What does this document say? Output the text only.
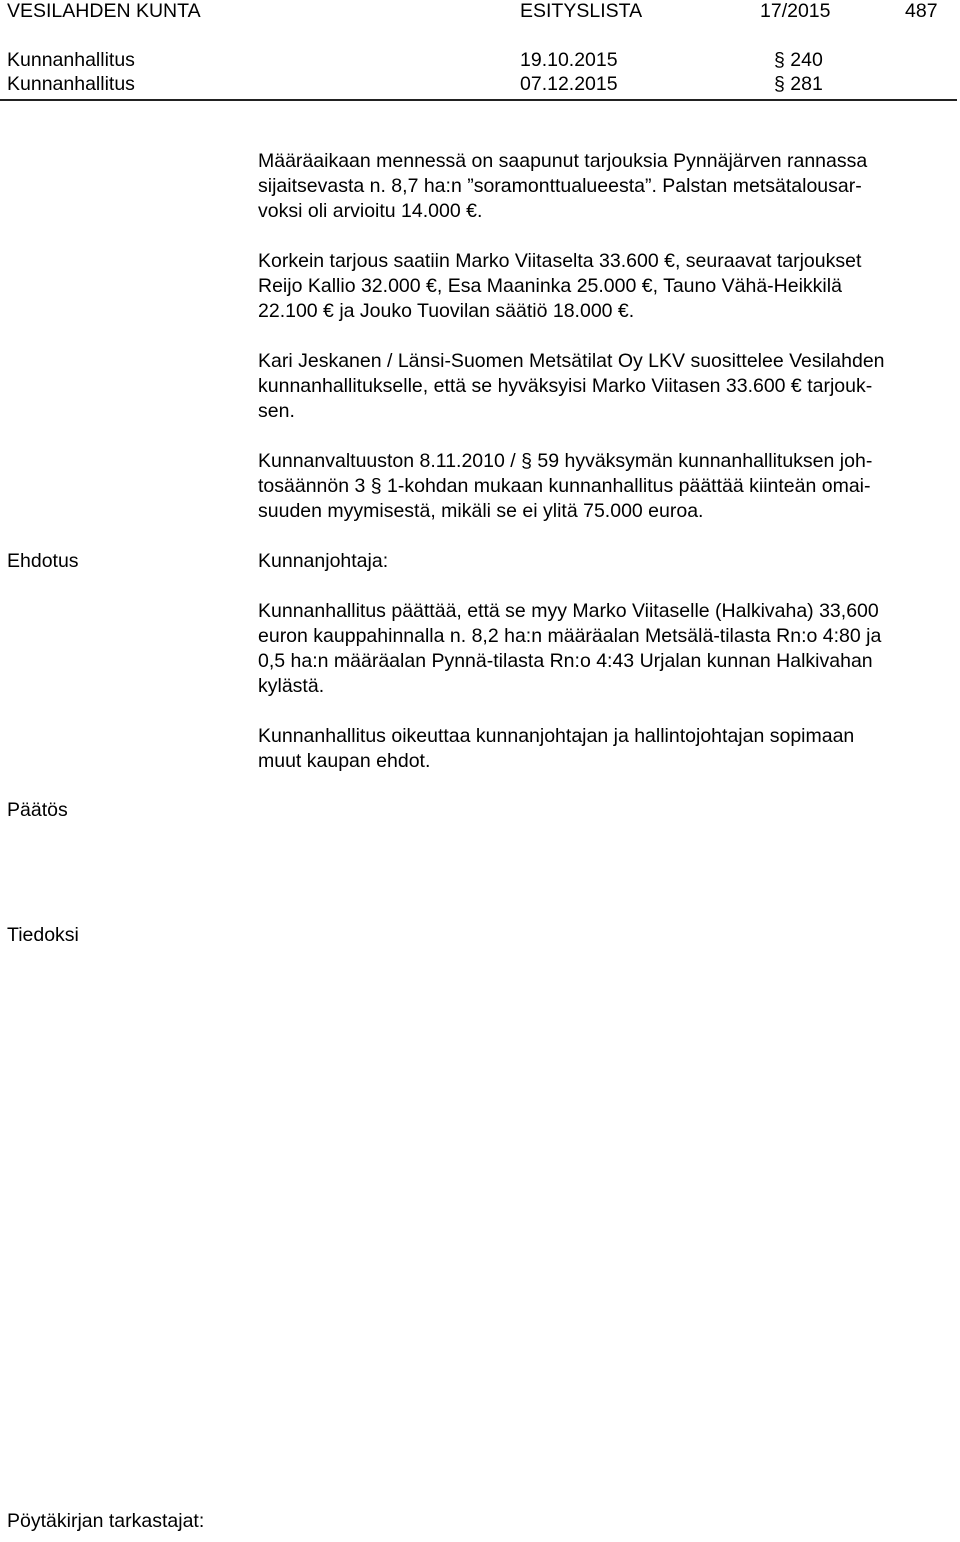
VESILAHDEN KUNTA	ESITYSLISTA	17/2015	487
Kunnanhallitus	19.10.2015	§ 240
Kunnanhallitus	07.12.2015	§ 281

Määräaikaan mennessä on saapunut tarjouksia Pynnäjärven rannassa

sijaitsevasta n. 8,7 ha:n ”soramonttualueesta”. Palstan metsätalousar-

voksi oli arvioitu 14.000 €.

Korkein tarjous saatiin Marko Viitaselta 33.600 €, seuraavat tarjoukset

Reijo Kallio 32.000 €, Esa Maaninka 25.000 €, Tauno Vähä-Heikkilä

22.100 € ja Jouko Tuovilan säätiö 18.000 €.

Kari Jeskanen / Länsi-Suomen Metsätilat Oy LKV suosittelee Vesilahden

kunnanhallitukselle, että se hyväksyisi Marko Viitasen 33.600 € tarjouk-

sen.

Kunnanvaltuuston 8.11.2010 / § 59 hyväksymän kunnanhallituksen joh-

tosäännön 3 § 1-kohdan mukaan kunnanhallitus päättää kiinteän omai-

suuden myymisestä, mikäli se ei ylitä 75.000 euroa.

Ehdotus	Kunnanjohtaja:

Kunnanhallitus päättää, että se myy Marko Viitaselle (Halkivaha) 33,600

euron kauppahinnalla n. 8,2 ha:n määräalan Metsälä-tilasta Rn:o 4:80 ja

0,5 ha:n määräalan Pynnä-tilasta Rn:o 4:43 Urjalan kunnan Halkivahan

kylästä.

Kunnanhallitus oikeuttaa kunnanjohtajan ja hallintojohtajan sopimaan

muut kaupan ehdot.

Päätös
Tiedoksi
Pöytäkirjan tarkastajat:
